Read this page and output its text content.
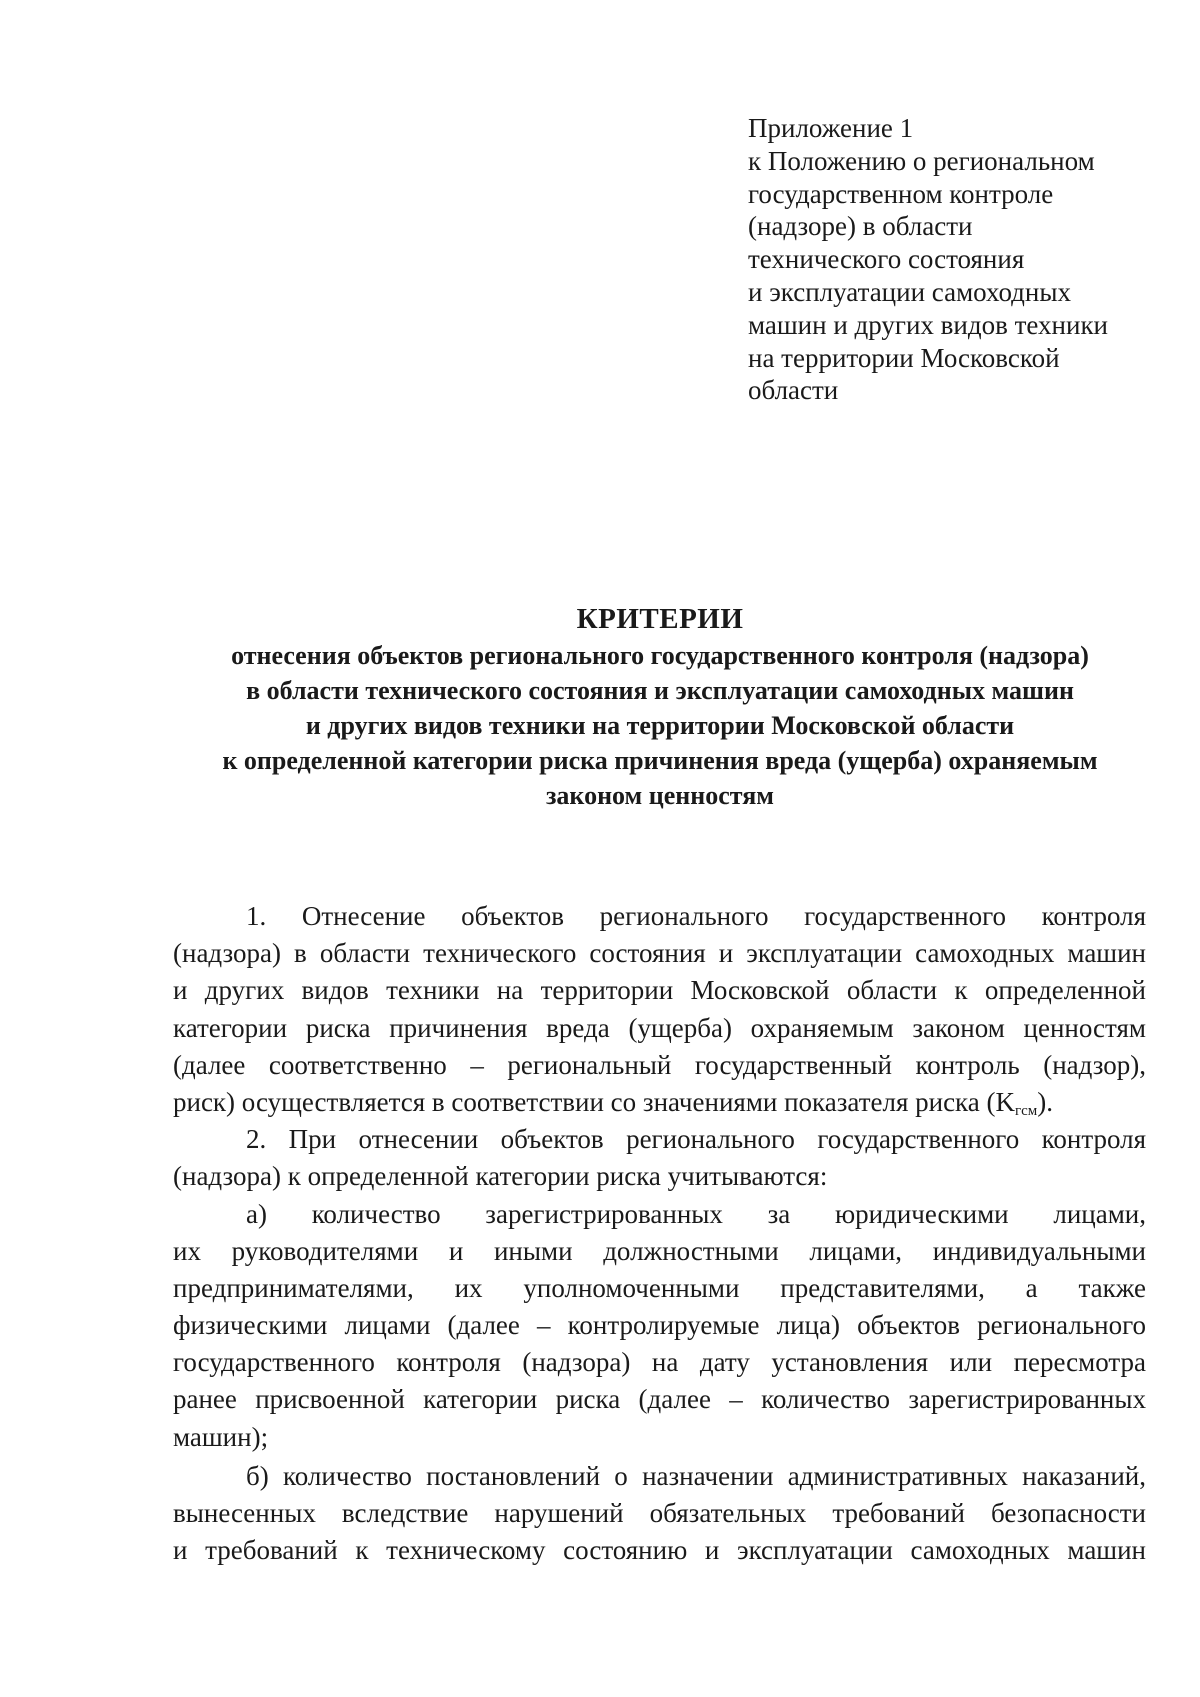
Приложение 1
к Положению о региональном
государственном контроле
(надзоре) в области
технического состояния
и эксплуатации самоходных
машин и других видов техники
на территории Московской
области
КРИТЕРИИ
отнесения объектов регионального государственного контроля (надзора)
в области технического состояния и эксплуатации самоходных машин
и других видов техники на территории Московской области
к определенной категории риска причинения вреда (ущерба) охраняемым
законом ценностям
1. Отнесение объектов регионального государственного контроля
(надзора) в области технического состояния и эксплуатации самоходных машин
и других видов техники на территории Московской области к определенной
категории риска причинения вреда (ущерба) охраняемым законом ценностям
(далее соответственно – региональный государственный контроль (надзор),
риск) осуществляется в соответствии со значениями показателя риска $(K_{гсм})$.
2. При отнесении объектов регионального государственного контроля
(надзора) к определенной категории риска учитываются:
а) количество зарегистрированных за юридическими лицами,
их руководителями и иными должностными лицами, индивидуальными
предпринимателями, их уполномоченными представителями, а также
физическими лицами (далее – контролируемые лица) объектов регионального
государственного контроля (надзора) на дату установления или пересмотра
ранее присвоенной категории риска (далее – количество зарегистрированных
машин);
б) количество постановлений о назначении административных наказаний,
вынесенных вследствие нарушений обязательных требований безопасности
и требований к техническому состоянию и эксплуатации самоходных машин
